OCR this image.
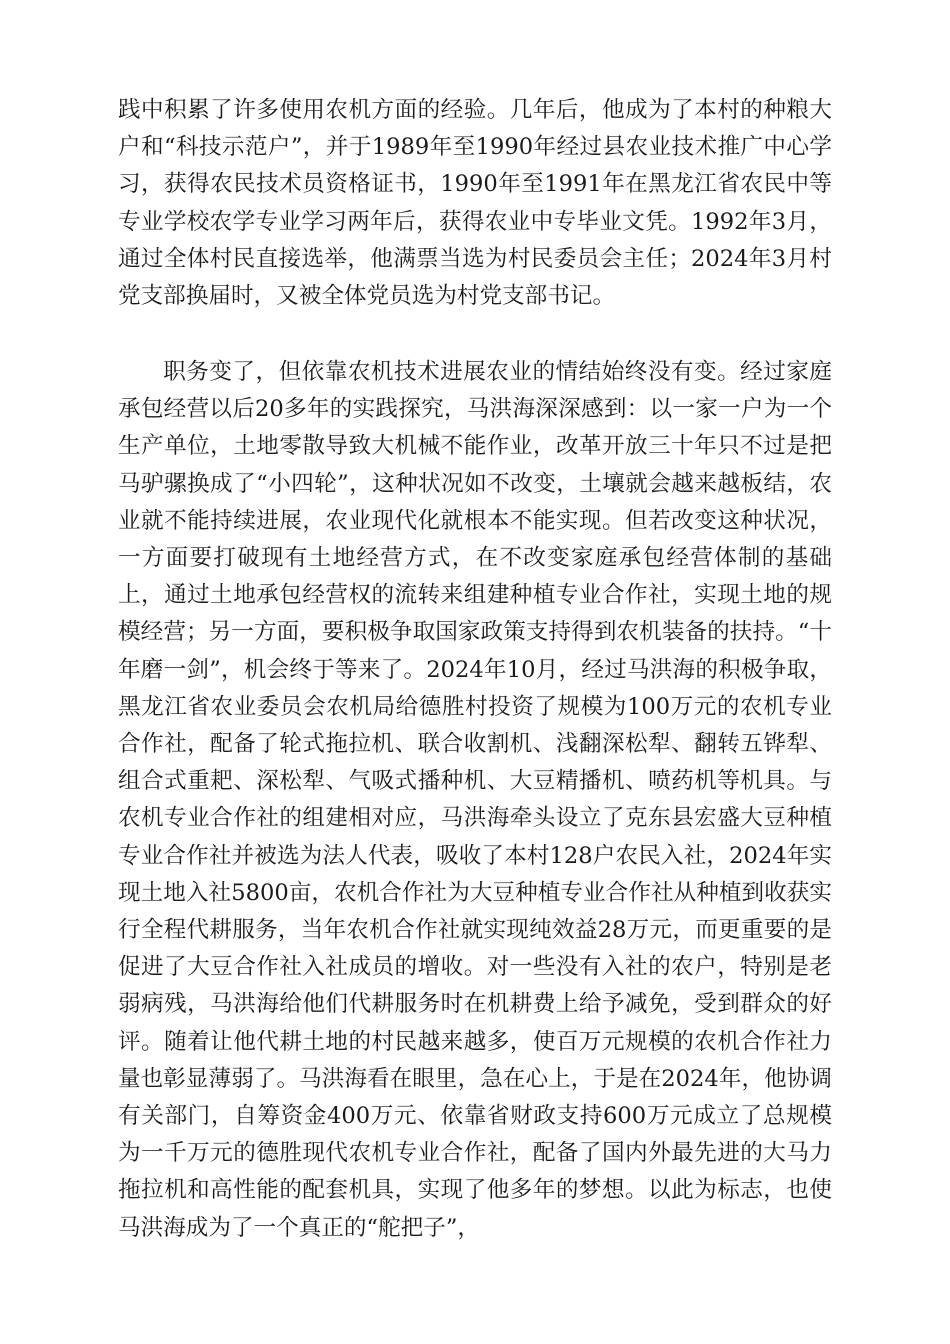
践中积累了许多使用农机方面的经验。几年后，他成为了本村的种粮大户和“科技示范户”，并于1989年至1990年经过县农业技术推广中心学习，获得农民技术员资格证书，1990年至1991年在黑龙江省农民中等专业学校农学专业学习两年后，获得农业中专毕业文凭。1992年3月，通过全体村民直接选举，他满票当选为村民委员会主任；2024年3月村党支部换届时，又被全体党员选为村党支部书记。

职务变了，但依靠农机技术进展农业的情结始终没有变。经过家庭承包经营以后20多年的实践探究，马洪海深深感到：以一家一户为一个生产单位，土地零散导致大机械不能作业，改革开放三十年只不过是把马驴骡换成了“小四轮”，这种状况如不改变，土壤就会越来越板结，农业就不能持续进展，农业现代化就根本不能实现。但若改变这种状况，一方面要打破现有土地经营方式，在不改变家庭承包经营体制的基础上，通过土地承包经营权的流转来组建种植专业合作社，实现土地的规模经营；另一方面，要积极争取国家政策支持得到农机装备的扶持。“十年磨一剑”，机会终于等来了。2024年10月，经过马洪海的积极争取，黑龙江省农业委员会农机局给德胜村投资了规模为100万元的农机专业合作社，配备了轮式拖拉机、联合收割机、浅翻深松犁、翻转五铧犁、组合式重耙、深松犁、气吸式播种机、大豆精播机、喷药机等机具。与农机专业合作社的组建相对应，马洪海牵头设立了克东县宏盛大豆种植专业合作社并被选为法人代表，吸收了本村128户农民入社，2024年实现土地入社5800亩，农机合作社为大豆种植专业合作社从种植到收获实行全程代耕服务，当年农机合作社就实现纯效益28万元，而更重要的是促进了大豆合作社入社成员的增收。对一些没有入社的农户，特别是老弱病残，马洪海给他们代耕服务时在机耕费上给予减免，受到群众的好评。随着让他代耕土地的村民越来越多，使百万元规模的农机合作社力量也彰显薄弱了。马洪海看在眼里，急在心上，于是在2024年，他协调有关部门，自筹资金400万元、依靠省财政支持600万元成立了总规模为一千万元的德胜现代农机专业合作社，配备了国内外最先进的大马力拖拉机和高性能的配套机具，实现了他多年的梦想。以此为标志，也使马洪海成为了一个真正的“舵把子”，
